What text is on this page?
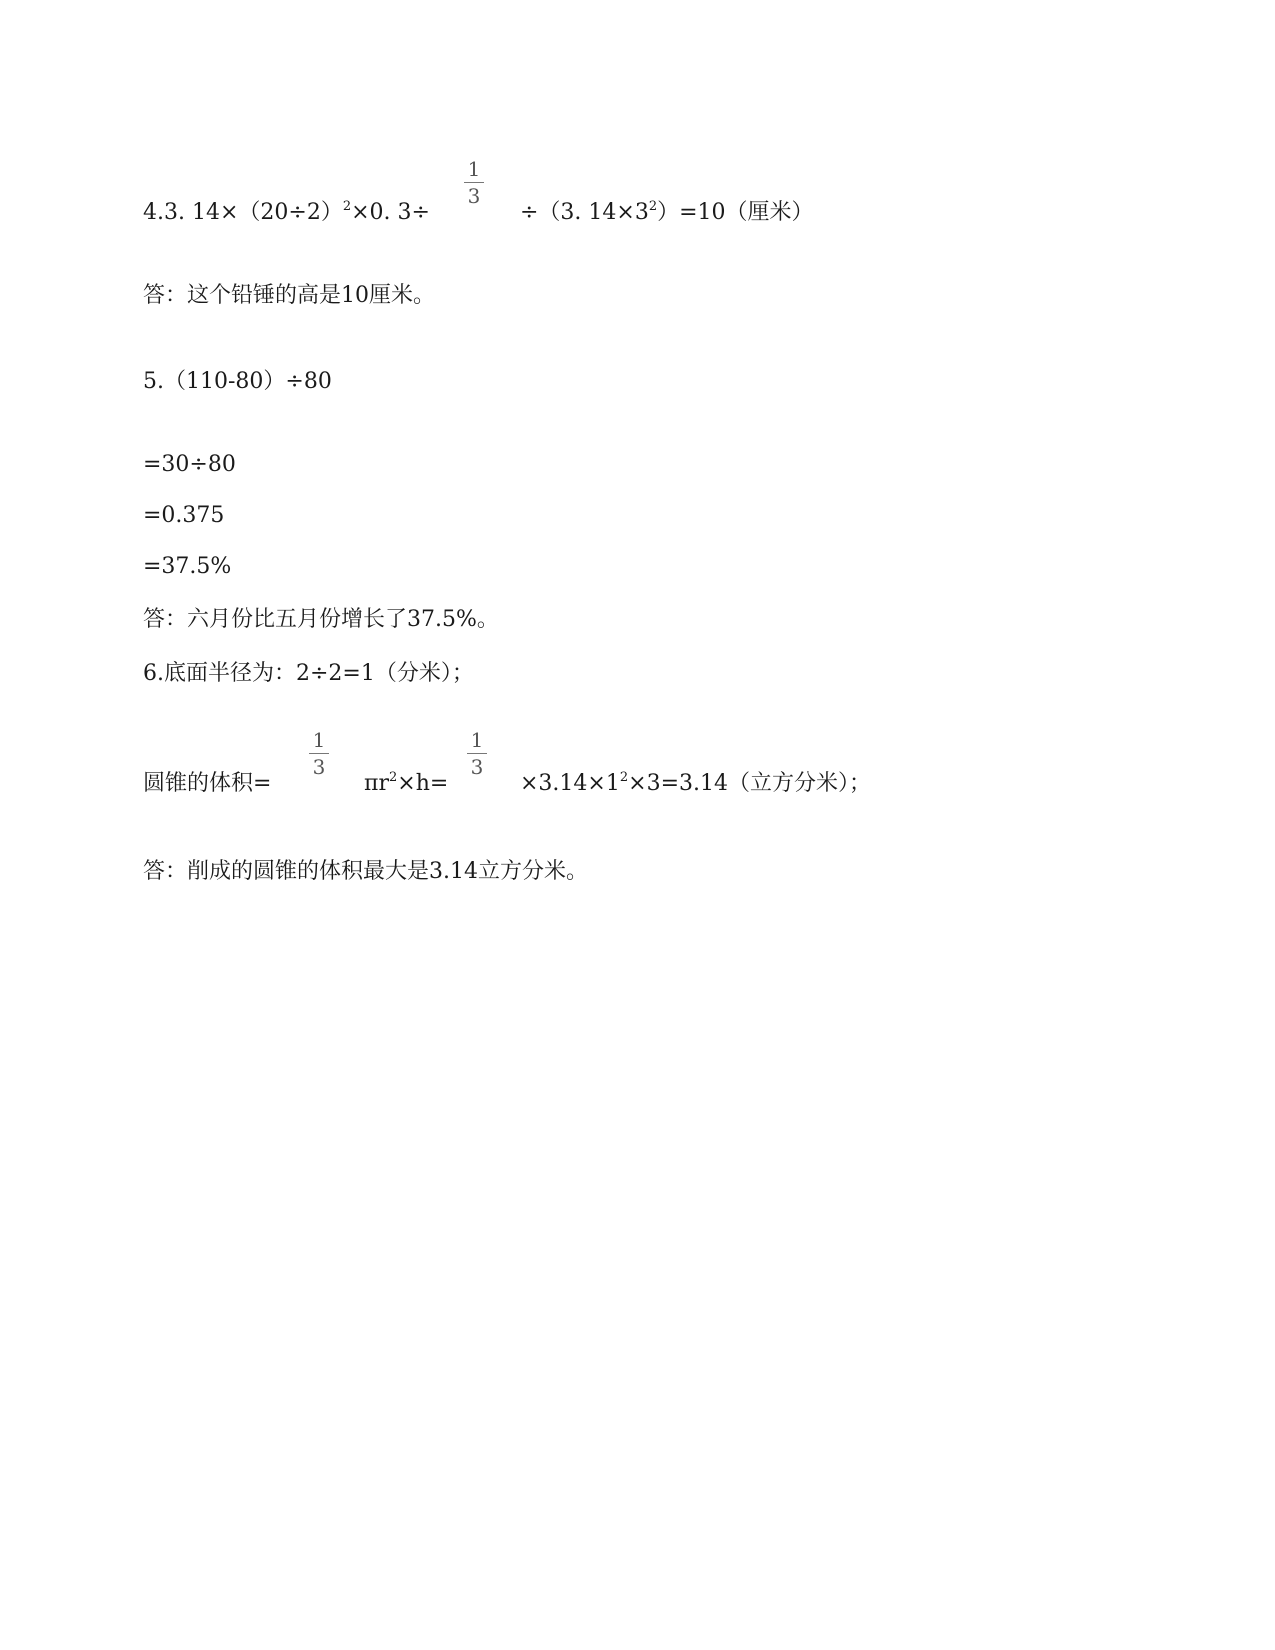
4.3. $14\times(20\div 2)^2\times 0$. 3÷
1
3
÷（3. $14\times 3^2)=10$（厘米）
答：这个铅锤的高是10厘米。
5.（110-80）÷80
=30÷80
=0.375
=37.5%
答：六月份比五月份增长了37.5%。
6.底面半径为：2÷2=1（分米）；
圆锥的体积=
1
3
$\pi r^2\times h=$
1
3
$\times 3.14\times 1^2\times 3=3.14$（立方分米）；
答：削成的圆锥的体积最大是3.14立方分米。
